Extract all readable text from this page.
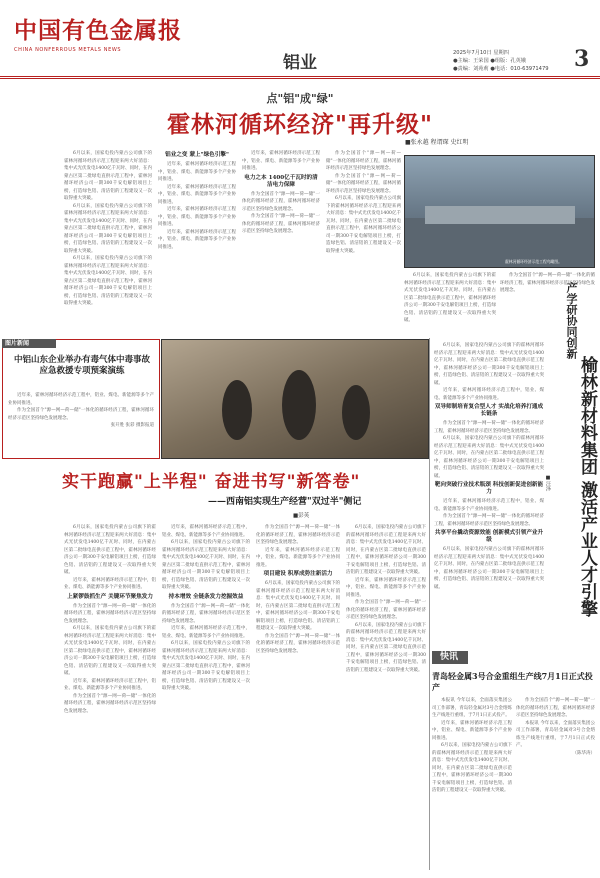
中国有色金属报
CHINA NONFERROUS METALS NEWS
铝业	2025年7月10日 星期四
●主编：王荣国 ●组版：孔英娥
●责编：刘苑莉 ●电话：010-63971479 3
点"铝"成"绿"
霍林河循环经济"再升级"
■张永越 程谓琛 史红明

6月以来，国家电投内蒙古公司旗下的霍林河循环经济示范工程迎来两大好消息：集中式光伏发电1400亿千瓦时、同时，在内蒙古区第二批绿电直供示范工程中，霍林河循环经济公司一期300千安电解铝项目上榜，打造绿色铝、清洁铝的工程建设又一次取得重大突破。

6月以来，国家电投内蒙古公司旗下的霍林河循环经济示范工程迎来两大好消息：集中式光伏发电1400亿千瓦时、同时，在内蒙古区第二批绿电直供示范工程中，霍林河循环经济公司一期300千安电解铝项目上榜，打造绿色铝、清洁铝的工程建设又一次取得重大突破。

6月以来，国家电投内蒙古公司旗下的霍林河循环经济示范工程迎来两大好消息：集中式光伏发电1400亿千瓦时、同时，在内蒙古区第二批绿电直供示范工程中，霍林河循环经济公司一期300千安电解铝项目上榜，打造绿色铝、清洁铝的工程建设又一次取得重大突破。

铝业之变 蒙上"绿色引擎"

近年来，霍林河循环经济示范工程中，铝业、煤电、新能源等多个产业协同推进。

近年来，霍林河循环经济示范工程中，铝业、煤电、新能源等多个产业协同推进。

近年来，霍林河循环经济示范工程中，铝业、煤电、新能源等多个产业协同推进。

近年来，霍林河循环经济示范工程中，铝业、煤电、新能源等多个产业协同推进。

近年来，霍林河循环经济示范工程中，铝业、煤电、新能源等多个产业协同推进。

电力之本 1400亿千瓦时的清洁电力保障

作为全国首个"源—网—荷—储"一体化的循环经济工程，霍林河循环经济示范区坚持绿色发展理念。

作为全国首个"源—网—荷—储"一体化的循环经济工程，霍林河循环经济示范区坚持绿色发展理念。

作为全国首个"源—网—荷—储"一体化的循环经济工程，霍林河循环经济示范区坚持绿色发展理念。

作为全国首个"源—网—荷—储"一体化的循环经济工程，霍林河循环经济示范区坚持绿色发展理念。

6月以来，国家电投内蒙古公司旗下的霍林河循环经济示范工程迎来两大好消息：集中式光伏发电1400亿千瓦时、同时，在内蒙古区第二批绿电直供示范工程中，霍林河循环经济公司一期300千安电解铝项目上榜，打造绿色铝、清洁铝的工程建设又一次取得重大突破。

霍林河循环经济示范工程鸟瞰图。

6月以来，国家电投内蒙古公司旗下的霍林河循环经济示范工程迎来两大好消息：集中式光伏发电1400亿千瓦时、同时，在内蒙古区第二批绿电直供示范工程中，霍林河循环经济公司一期300千安电解铝项目上榜，打造绿色铝、清洁铝的工程建设又一次取得重大突破。

作为全国首个"源—网—荷—储"一体化的循环经济工程，霍林河循环经济示范区坚持绿色发展理念。

图片新闻
中铝山东企业举办有毒气体中毒事故应急救援专项预案演练

近年来，霍林河循环经济示范工程中，铝业、煤电、新能源等多个产业协同推进。

作为全国首个"源—网—荷—储"一体化的循环经济工程，霍林河循环经济示范区坚持绿色发展理念。

张开胜 张彩 摄影报道
实干跑赢"上半程" 奋进书写"新答卷"
——西南铝实现生产经营"双过半"侧记
■彭英

6月以来，国家电投内蒙古公司旗下的霍林河循环经济示范工程迎来两大好消息：集中式光伏发电1400亿千瓦时、同时，在内蒙古区第二批绿电直供示范工程中，霍林河循环经济公司一期300千安电解铝项目上榜，打造绿色铝、清洁铝的工程建设又一次取得重大突破。

近年来，霍林河循环经济示范工程中，铝业、煤电、新能源等多个产业协同推进。

上紧锣鼓抓生产 关键环节聚焦发力

作为全国首个"源—网—荷—储"一体化的循环经济工程，霍林河循环经济示范区坚持绿色发展理念。

6月以来，国家电投内蒙古公司旗下的霍林河循环经济示范工程迎来两大好消息：集中式光伏发电1400亿千瓦时、同时，在内蒙古区第二批绿电直供示范工程中，霍林河循环经济公司一期300千安电解铝项目上榜，打造绿色铝、清洁铝的工程建设又一次取得重大突破。

近年来，霍林河循环经济示范工程中，铝业、煤电、新能源等多个产业协同推进。

作为全国首个"源—网—荷—储"一体化的循环经济工程，霍林河循环经济示范区坚持绿色发展理念。

近年来，霍林河循环经济示范工程中，铝业、煤电、新能源等多个产业协同推进。

6月以来，国家电投内蒙古公司旗下的霍林河循环经济示范工程迎来两大好消息：集中式光伏发电1400亿千瓦时、同时，在内蒙古区第二批绿电直供示范工程中，霍林河循环经济公司一期300千安电解铝项目上榜，打造绿色铝、清洁铝的工程建设又一次取得重大突破。

持本增效 全链条发力挖掘效益

作为全国首个"源—网—荷—储"一体化的循环经济工程，霍林河循环经济示范区坚持绿色发展理念。

近年来，霍林河循环经济示范工程中，铝业、煤电、新能源等多个产业协同推进。

6月以来，国家电投内蒙古公司旗下的霍林河循环经济示范工程迎来两大好消息：集中式光伏发电1400亿千瓦时、同时，在内蒙古区第二批绿电直供示范工程中，霍林河循环经济公司一期300千安电解铝项目上榜，打造绿色铝、清洁铝的工程建设又一次取得重大突破。

作为全国首个"源—网—荷—储"一体化的循环经济工程，霍林河循环经济示范区坚持绿色发展理念。

近年来，霍林河循环经济示范工程中，铝业、煤电、新能源等多个产业协同推进。

项目建设 积厚成势注新活力

6月以来，国家电投内蒙古公司旗下的霍林河循环经济示范工程迎来两大好消息：集中式光伏发电1400亿千瓦时、同时，在内蒙古区第二批绿电直供示范工程中，霍林河循环经济公司一期300千安电解铝项目上榜，打造绿色铝、清洁铝的工程建设又一次取得重大突破。

作为全国首个"源—网—荷—储"一体化的循环经济工程，霍林河循环经济示范区坚持绿色发展理念。

6月以来，国家电投内蒙古公司旗下的霍林河循环经济示范工程迎来两大好消息：集中式光伏发电1400亿千瓦时、同时，在内蒙古区第二批绿电直供示范工程中，霍林河循环经济公司一期300千安电解铝项目上榜，打造绿色铝、清洁铝的工程建设又一次取得重大突破。

近年来，霍林河循环经济示范工程中，铝业、煤电、新能源等多个产业协同推进。

作为全国首个"源—网—荷—储"一体化的循环经济工程，霍林河循环经济示范区坚持绿色发展理念。

6月以来，国家电投内蒙古公司旗下的霍林河循环经济示范工程迎来两大好消息：集中式光伏发电1400亿千瓦时、同时，在内蒙古区第二批绿电直供示范工程中，霍林河循环经济公司一期300千安电解铝项目上榜，打造绿色铝、清洁铝的工程建设又一次取得重大突破。

6月以来，国家电投内蒙古公司旗下的霍林河循环经济示范工程迎来两大好消息：集中式光伏发电1400亿千瓦时、同时，在内蒙古区第二批绿电直供示范工程中，霍林河循环经济公司一期300千安电解铝项目上榜，打造绿色铝、清洁铝的工程建设又一次取得重大突破。

近年来，霍林河循环经济示范工程中，铝业、煤电、新能源等多个产业协同推进。

双导师制培育复合型人才 实战化培养打通成长链条

作为全国首个"源—网—荷—储"一体化的循环经济工程，霍林河循环经济示范区坚持绿色发展理念。

6月以来，国家电投内蒙古公司旗下的霍林河循环经济示范工程迎来两大好消息：集中式光伏发电1400亿千瓦时、同时，在内蒙古区第二批绿电直供示范工程中，霍林河循环经济公司一期300千安电解铝项目上榜，打造绿色铝、清洁铝的工程建设又一次取得重大突破。

靶向突破行业技术瓶颈 科技创新促进创新能力

近年来，霍林河循环经济示范工程中，铝业、煤电、新能源等多个产业协同推进。

作为全国首个"源—网—荷—储"一体化的循环经济工程，霍林河循环经济示范区坚持绿色发展理念。

共享平台撬动资源效能 创新模式引领产业升级

6月以来，国家电投内蒙古公司旗下的霍林河循环经济示范工程迎来两大好消息：集中式光伏发电1400亿千瓦时、同时，在内蒙古区第二批绿电直供示范工程中，霍林河循环经济公司一期300千安电解铝项目上榜，打造绿色铝、清洁铝的工程建设又一次取得重大突破。

产学研协同创新
榆林新材料集团 激活产业人才引擎
■汪泽
快讯
青岛轻金属3号合金重组生产线7月1日正式投产

本报讯 今年以来，全面落实集团公司工作部署，青岛轻金属对3号合金熔炼生产线进行重组，于7月1日正式投产。

近年来，霍林河循环经济示范工程中，铝业、煤电、新能源等多个产业协同推进。

6月以来，国家电投内蒙古公司旗下的霍林河循环经济示范工程迎来两大好消息：集中式光伏发电1400亿千瓦时、同时，在内蒙古区第二批绿电直供示范工程中，霍林河循环经济公司一期300千安电解铝项目上榜，打造绿色铝、清洁铝的工程建设又一次取得重大突破。

作为全国首个"源—网—荷—储"一体化的循环经济工程，霍林河循环经济示范区坚持绿色发展理念。

本报讯 今年以来，全面落实集团公司工作部署，青岛轻金属对3号合金熔炼生产线进行重组，于7月1日正式投产。

（陈华涛）
